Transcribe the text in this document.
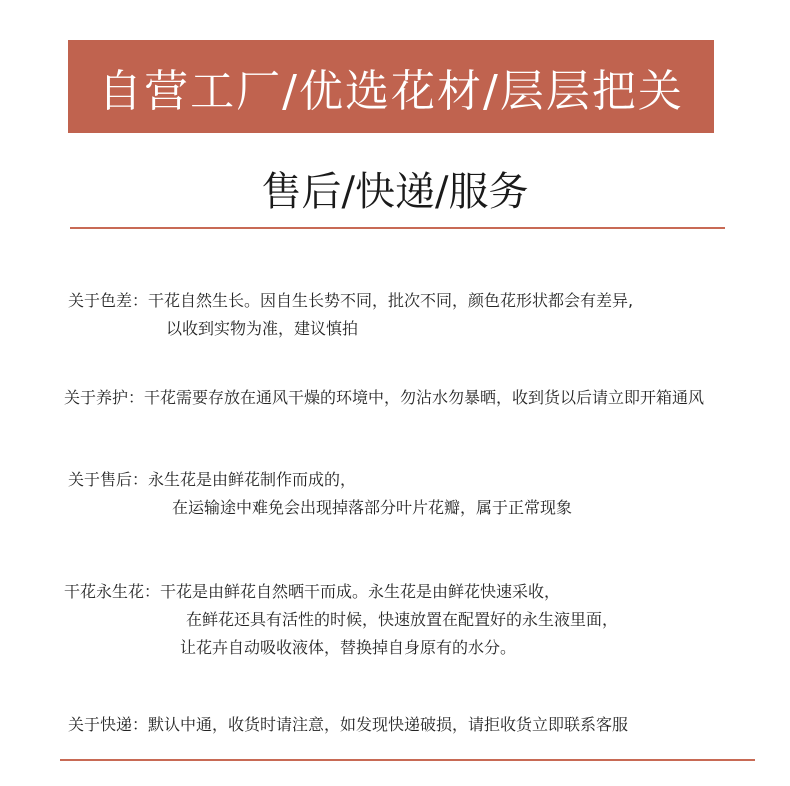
自营工厂/优选花材/层层把关
售后/快递/服务
关于色差：干花自然生长。因自生长势不同，批次不同，颜色花形状都会有差异,
以收到实物为准，建议慎拍
关于养护：干花需要存放在通风干燥的环境中，勿沾水勿暴晒，收到货以后请立即开箱通风
关于售后：永生花是由鲜花制作而成的，
在运输途中难免会出现掉落部分叶片花瓣，属于正常现象
干花永生花：干花是由鲜花自然晒干而成。永生花是由鲜花快速采收，
在鲜花还具有活性的时候，快速放置在配置好的永生液里面，
让花卉自动吸收液体，替换掉自身原有的水分。
关于快递：默认中通，收货时请注意，如发现快递破损，请拒收货立即联系客服
